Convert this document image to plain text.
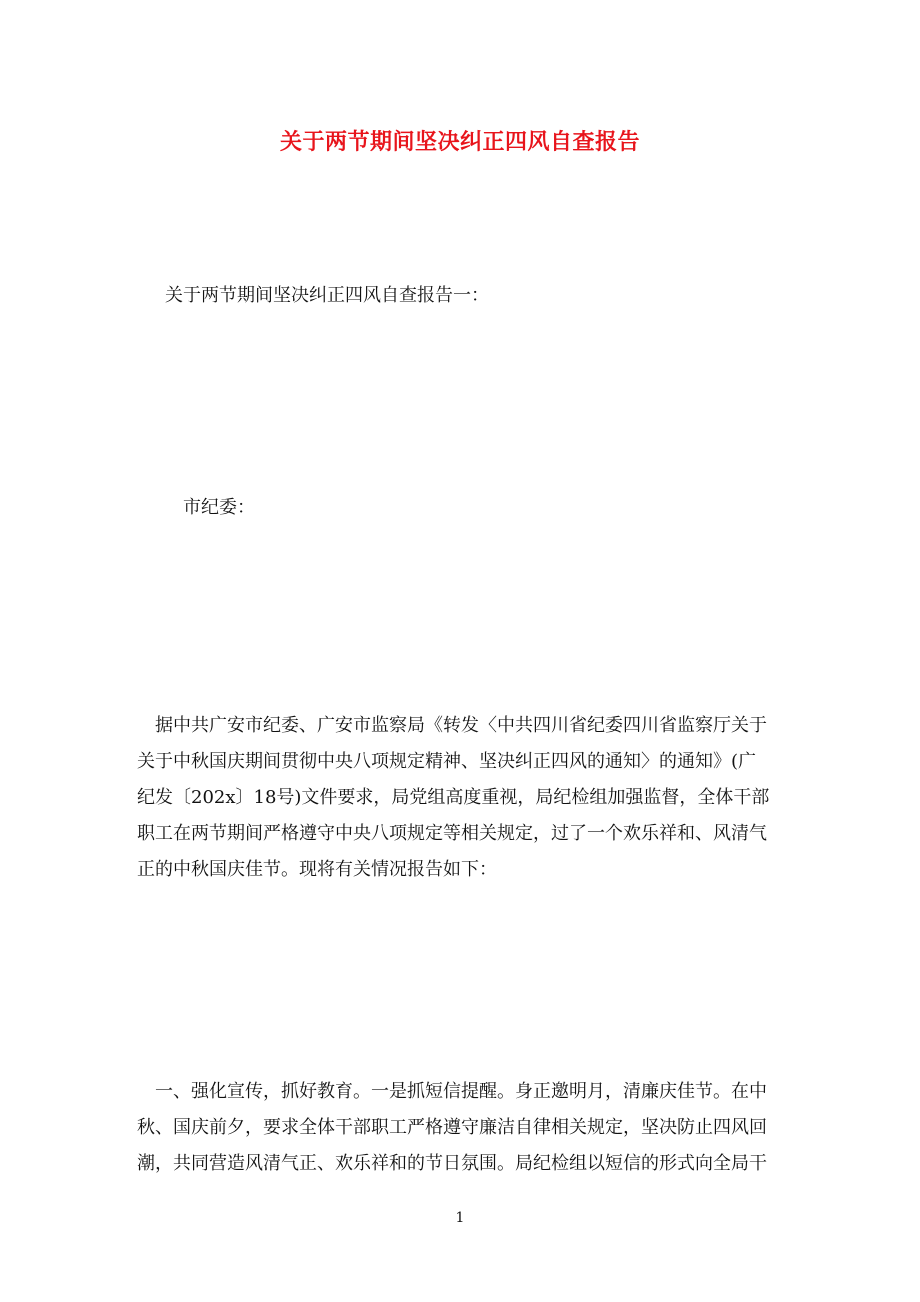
关于两节期间坚决纠正四风自查报告
关于两节期间坚决纠正四风自查报告一：
市纪委：
据中共广安市纪委、广安市监察局《转发〈中共四川省纪委四川省监察厅关于
关于中秋国庆期间贯彻中央八项规定精神、坚决纠正四风的通知〉的通知》(广
纪发〔202x〕18号)文件要求，局党组高度重视，局纪检组加强监督，全体干部
职工在两节期间严格遵守中央八项规定等相关规定，过了一个欢乐祥和、风清气
正的中秋国庆佳节。现将有关情况报告如下：
一、强化宣传，抓好教育。一是抓短信提醒。身正邀明月，清廉庆佳节。在中
秋、国庆前夕，要求全体干部职工严格遵守廉洁自律相关规定，坚决防止四风回
潮，共同营造风清气正、欢乐祥和的节日氛围。局纪检组以短信的形式向全局干
1
